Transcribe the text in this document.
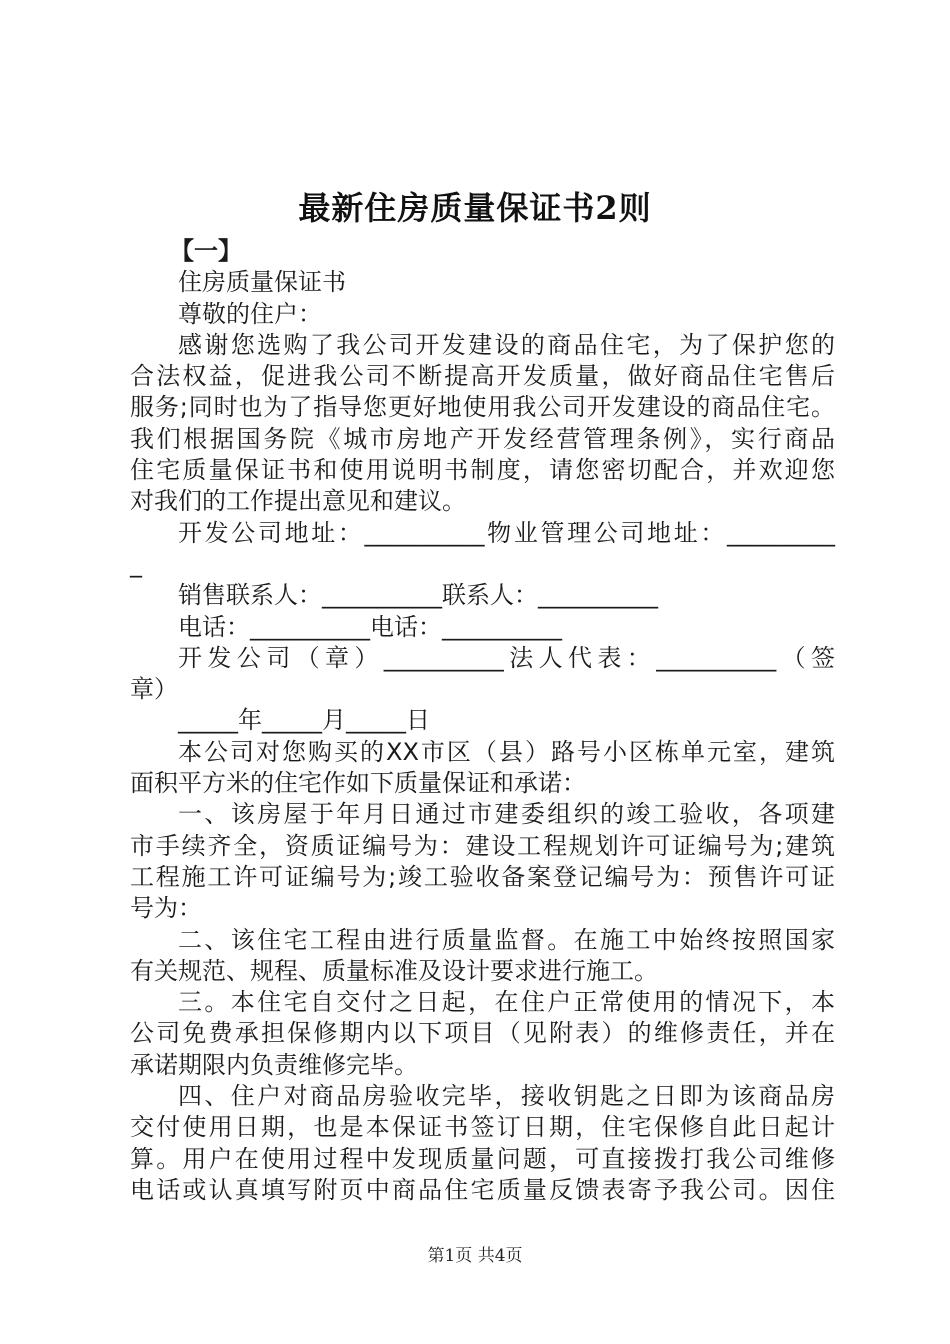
最新住房质量保证书2则
【一】
住房质量保证书
尊敬的住户：
感谢您选购了我公司开发建设的商品住宅，为了保护您的
合法权益，促进我公司不断提高开发质量，做好商品住宅售后
服务;同时也为了指导您更好地使用我公司开发建设的商品住宅。
我们根据国务院《城市房地产开发经营管理条例》，实行商品
住宅质量保证书和使用说明书制度，请您密切配合，并欢迎您
对我们的工作提出意见和建议。
开发公司地址：__________物业管理公司地址：_________
_
销售联系人：__________联系人：__________
电话：__________电话：__________
开发公司（章）__________法人代表：__________（签
章）
_____年_____月_____日
本公司对您购买的XX市区（县）路号小区栋单元室，建筑
面积平方米的住宅作如下质量保证和承诺：
一、该房屋于年月日通过市建委组织的竣工验收，各项建
市手续齐全，资质证编号为：建设工程规划许可证编号为;建筑
工程施工许可证编号为;竣工验收备案登记编号为：预售许可证
号为：
二、该住宅工程由进行质量监督。在施工中始终按照国家
有关规范、规程、质量标准及设计要求进行施工。
三。本住宅自交付之日起，在住户正常使用的情况下，本
公司免费承担保修期内以下项目（见附表）的维修责任，并在
承诺期限内负责维修完毕。
四、住户对商品房验收完毕，接收钥匙之日即为该商品房
交付使用日期，也是本保证书签订日期，住宅保修自此日起计
算。用户在使用过程中发现质量问题，可直接拨打我公司维修
电话或认真填写附页中商品住宅质量反馈表寄予我公司。因住
第1页 共4页
